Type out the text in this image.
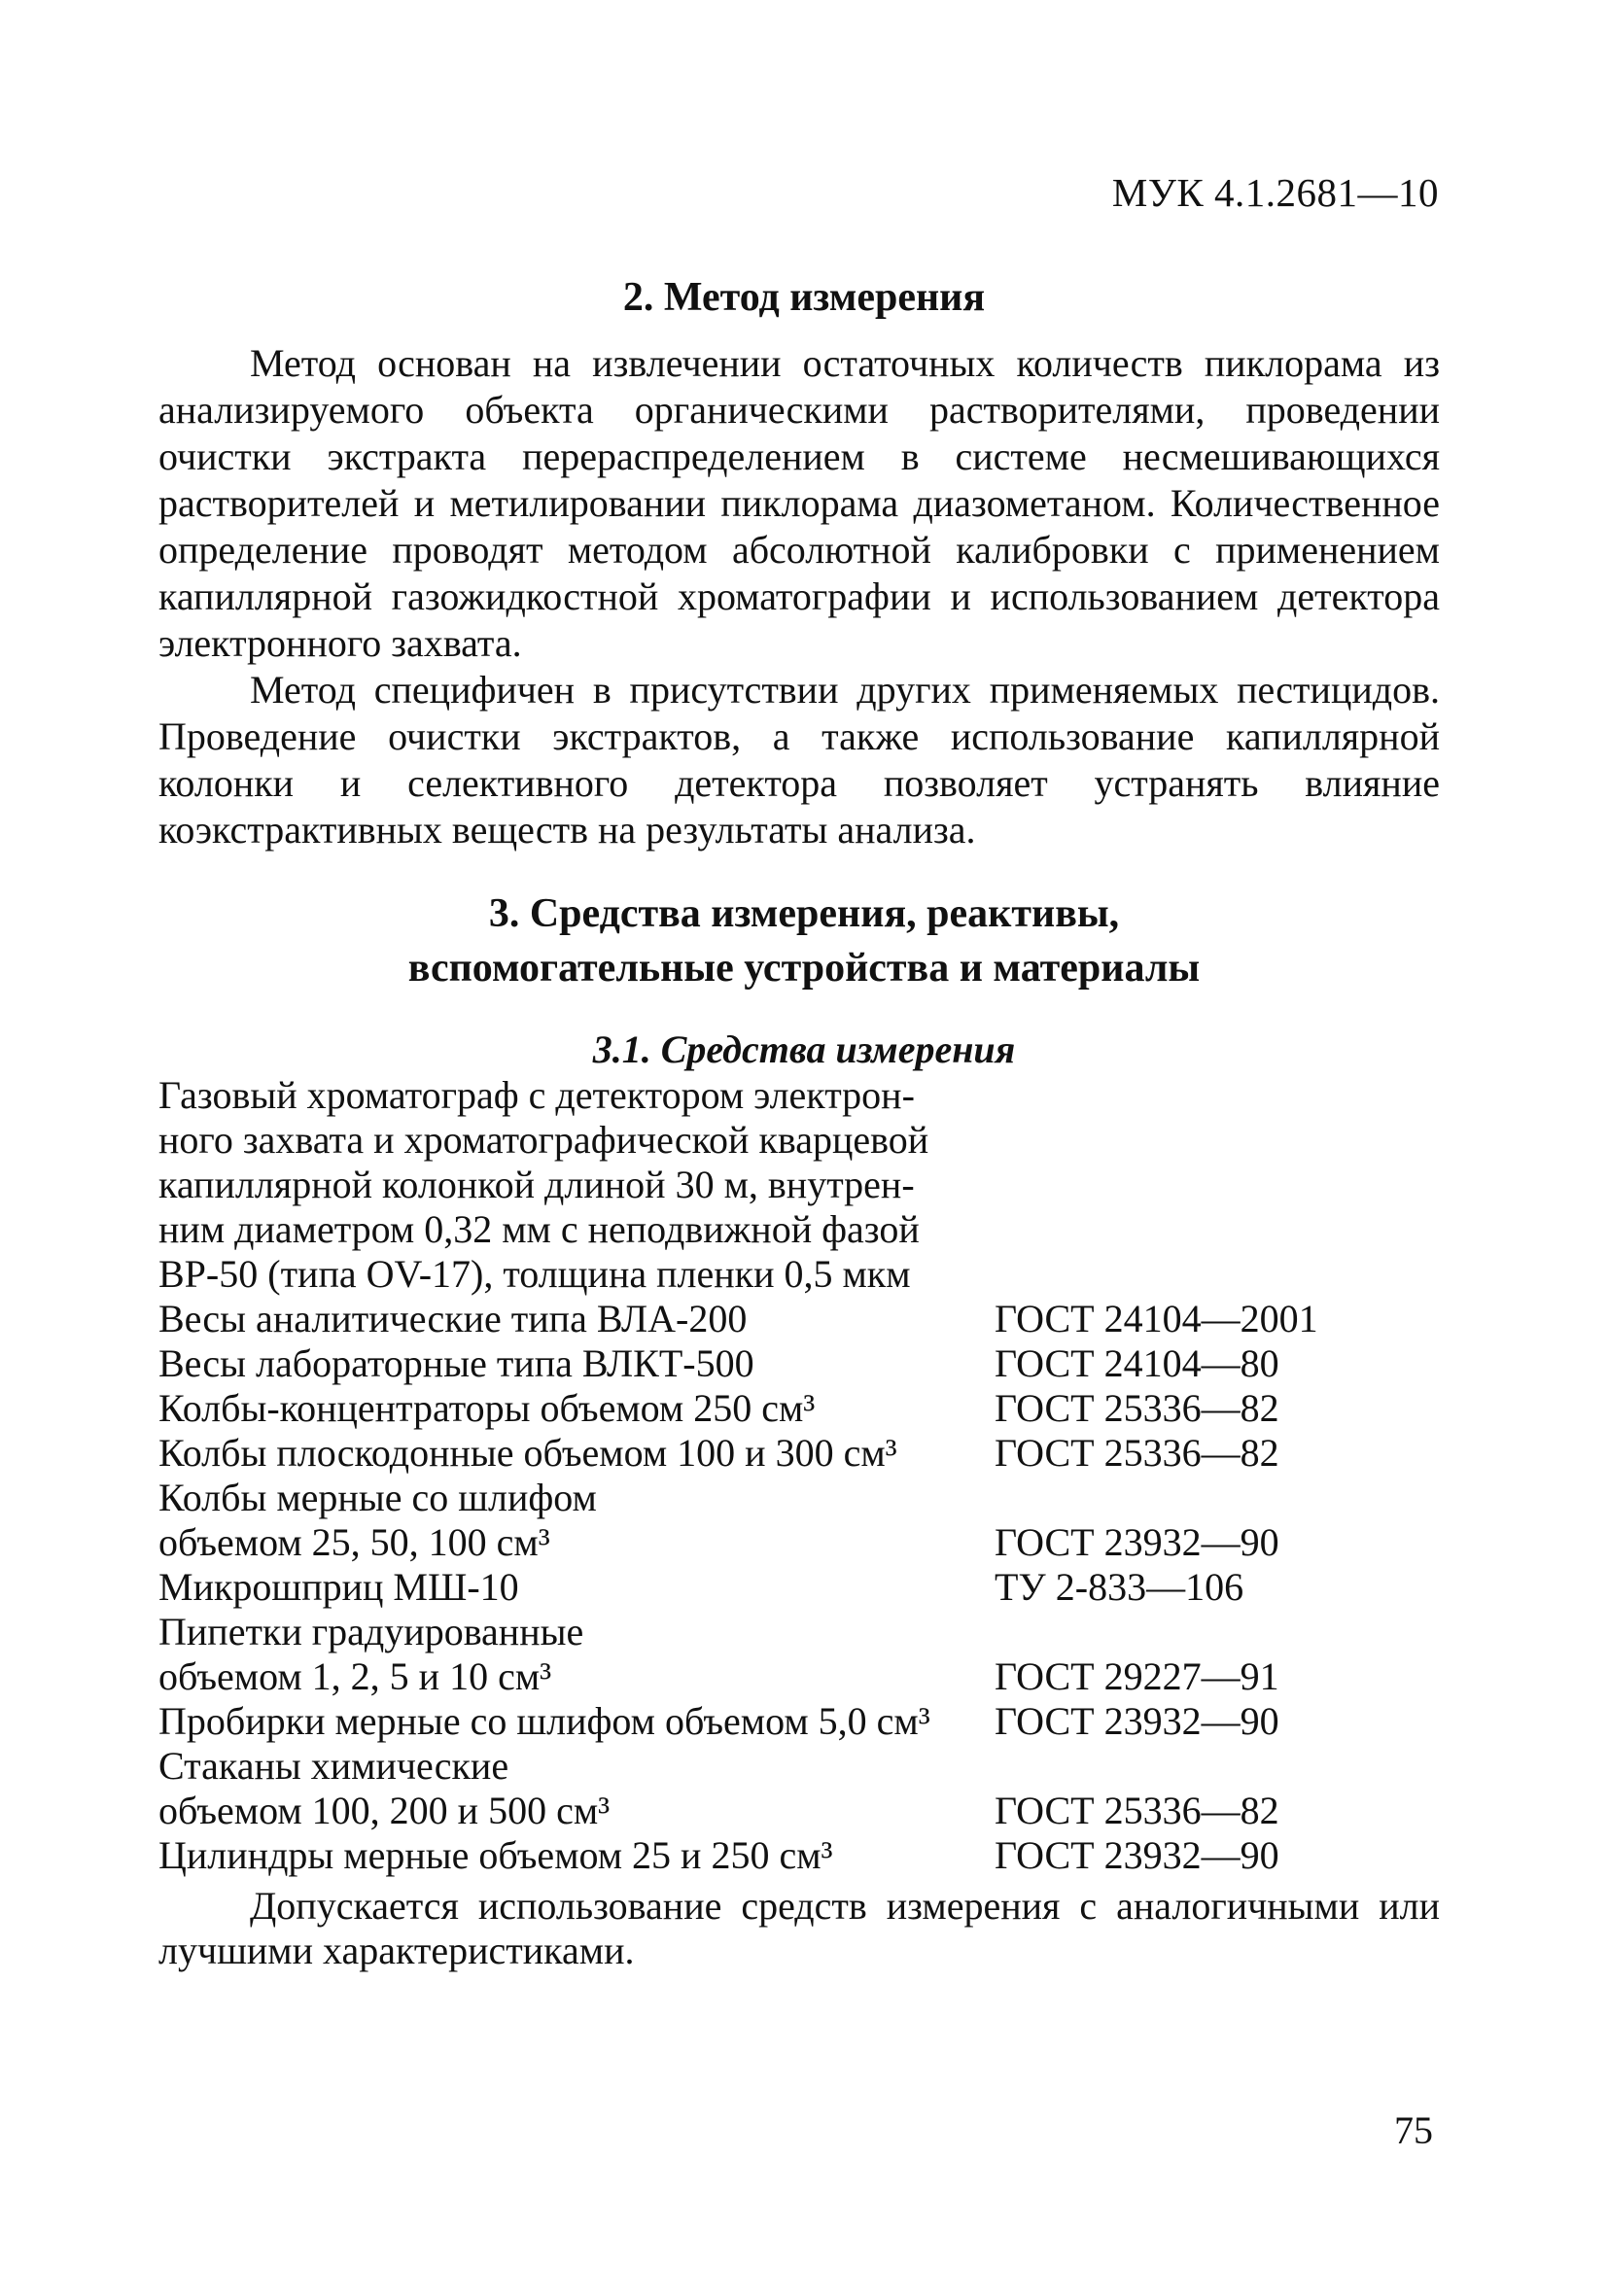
МУК 4.1.2681—10
2. Метод измерения
Метод основан на извлечении остаточных количеств пиклорама из анализируемого объекта органическими растворителями, проведении очистки экстракта перераспределением в системе несмешивающихся растворителей и метилировании пиклорама диазометаном. Количественное определение проводят методом абсолютной калибровки с применением капиллярной газожидкостной хроматографии и использованием детектора электронного захвата.
Метод специфичен в присутствии других применяемых пестицидов. Проведение очистки экстрактов, а также использование капиллярной колонки и селективного детектора позволяет устранять влияние коэкстрактивных веществ на результаты анализа.
3. Средства измерения, реактивы,
вспомогательные устройства и материалы
3.1. Средства измерения
Газовый хроматограф с детектором электрон-
ного захвата и хроматографической кварцевой
капиллярной колонкой длиной 30 м, внутрен-
ним диаметром 0,32 мм с неподвижной фазой
BP-50 (типа OV-17), толщина пленки 0,5 мкм
Весы аналитические типа ВЛА-200	ГОСТ 24104—2001
Весы лабораторные типа ВЛКТ-500	ГОСТ 24104—80
Колбы-концентраторы объемом 250 см³	ГОСТ 25336—82
Колбы плоскодонные объемом 100 и 300 см³	ГОСТ 25336—82
Колбы мерные со шлифом
объемом 25, 50, 100 см³	ГОСТ 23932—90
Микрошприц МШ-10	ТУ 2-833—106
Пипетки градуированные
объемом 1, 2, 5 и 10 см³	ГОСТ 29227—91
Пробирки мерные со шлифом объемом 5,0 см³	ГОСТ 23932—90
Стаканы химические
объемом 100, 200 и 500 см³	ГОСТ 25336—82
Цилиндры мерные объемом 25 и 250 см³	ГОСТ 23932—90
Допускается использование средств измерения с аналогичными или лучшими характеристиками.
75
